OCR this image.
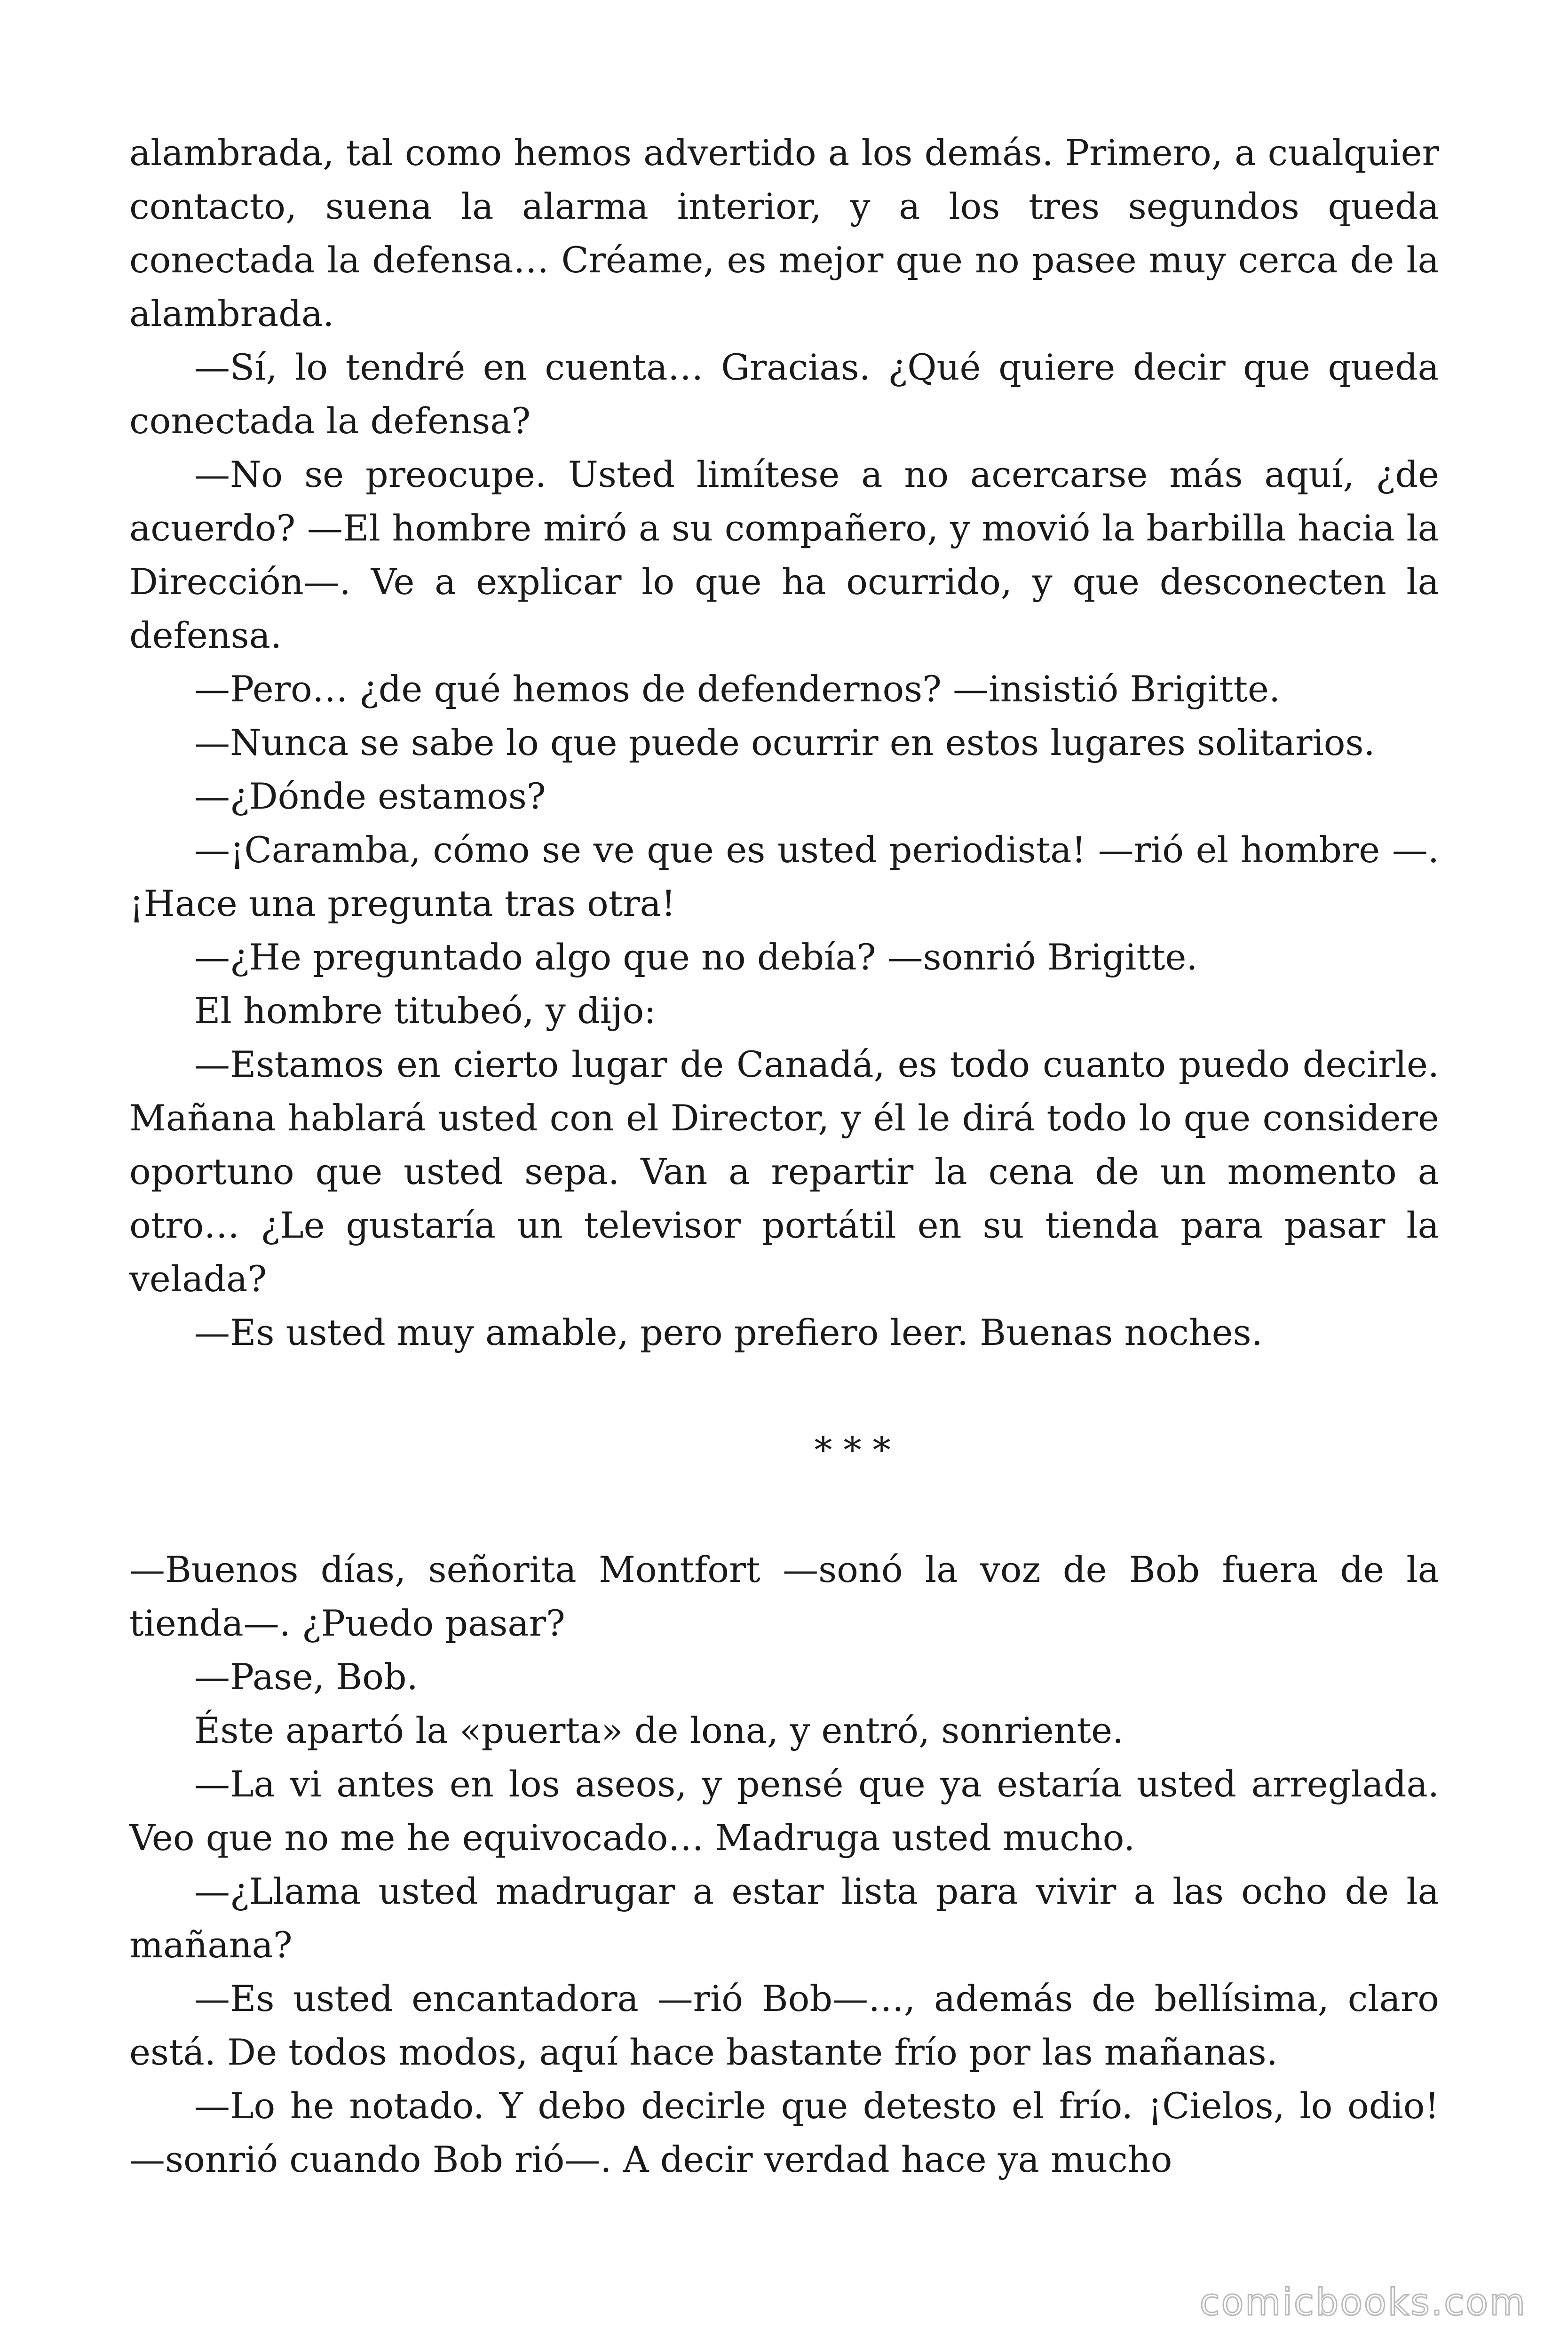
alambrada, tal como hemos advertido a los demás. Primero, a cualquier contacto, suena la alarma interior, y a los tres segundos queda conectada la defensa… Créame, es mejor que no pasee muy cerca de la alambrada.

—Sí, lo tendré en cuenta… Gracias. ¿Qué quiere decir que queda conectada la defensa?

—No se preocupe. Usted limítese a no acercarse más aquí, ¿de acuerdo? —El hombre miró a su compañero, y movió la barbilla hacia la Dirección—. Ve a explicar lo que ha ocurrido, y que desconecten la defensa.

—Pero… ¿de qué hemos de defendernos? —insistió Brigitte.

—Nunca se sabe lo que puede ocurrir en estos lugares solitarios.

—¿Dónde estamos?

—¡Caramba, cómo se ve que es usted periodista! —rió el hombre —. ¡Hace una pregunta tras otra!

—¿He preguntado algo que no debía? —sonrió Brigitte.

El hombre titubeó, y dijo:

—Estamos en cierto lugar de Canadá, es todo cuanto puedo decirle. Mañana hablará usted con el Director, y él le dirá todo lo que considere oportuno que usted sepa. Van a repartir la cena de un momento a otro… ¿Le gustaría un televisor portátil en su tienda para pasar la velada?

—Es usted muy amable, pero prefiero leer. Buenas noches.

* * *

—Buenos días, señorita Montfort —sonó la voz de Bob fuera de la tienda—. ¿Puedo pasar?

—Pase, Bob.

Éste apartó la «puerta» de lona, y entró, sonriente.

—La vi antes en los aseos, y pensé que ya estaría usted arreglada. Veo que no me he equivocado… Madruga usted mucho.

—¿Llama usted madrugar a estar lista para vivir a las ocho de la mañana?

—Es usted encantadora —rió Bob—…, además de bellísima, claro está. De todos modos, aquí hace bastante frío por las mañanas.

—Lo he notado. Y debo decirle que detesto el frío. ¡Cielos, lo odio! —sonrió cuando Bob rió—. A decir verdad hace ya mucho

comicbooks.com
